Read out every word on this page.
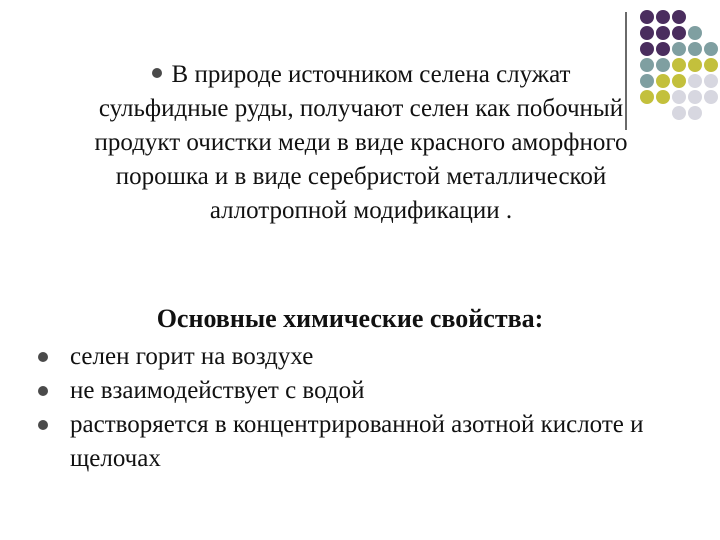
В природе источником селена служат сульфидные руды, получают селен как побочный продукт очистки меди в виде красного аморфного порошка и в виде серебристой металлической аллотропной модификации .
Основные химические свойства:
селен горит на воздухе
не взаимодействует с водой
растворяется в концентрированной азотной кислоте и щелочах
